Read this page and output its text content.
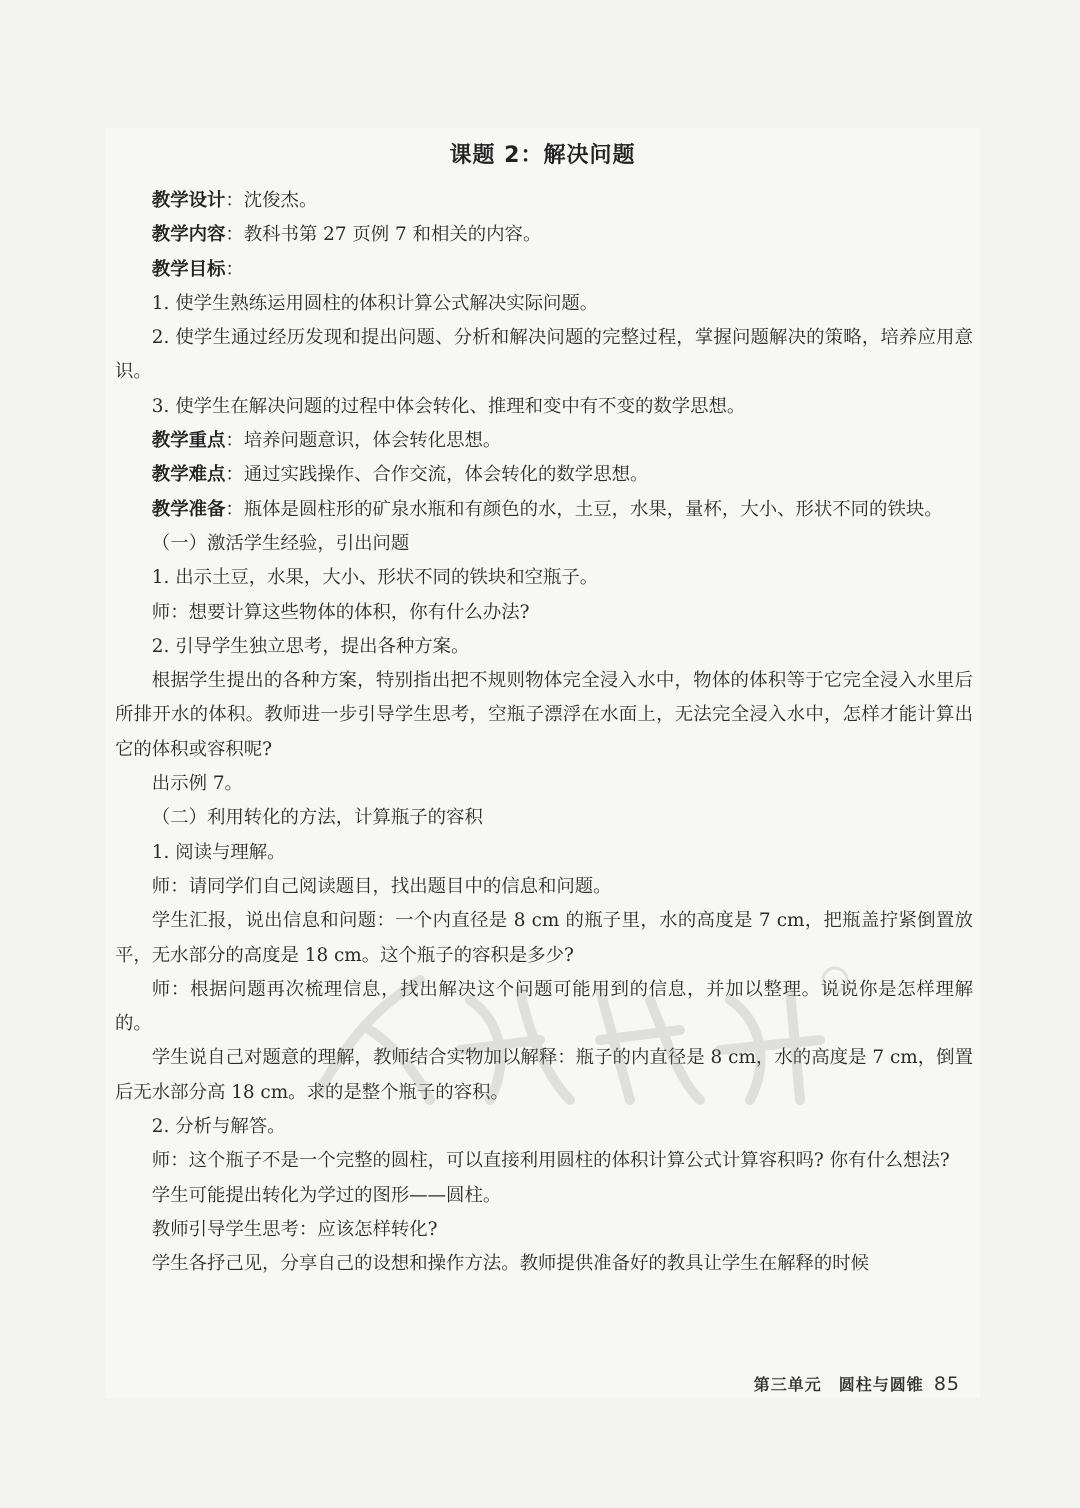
课题 2：解决问题

教学设计：沈俊杰。

教学内容：教科书第 27 页例 7 和相关的内容。

教学目标：

1. 使学生熟练运用圆柱的体积计算公式解决实际问题。

2. 使学生通过经历发现和提出问题、分析和解决问题的完整过程，掌握问题解决的策略，培养应用意识。

3. 使学生在解决问题的过程中体会转化、推理和变中有不变的数学思想。

教学重点：培养问题意识，体会转化思想。

教学难点：通过实践操作、合作交流，体会转化的数学思想。

教学准备：瓶体是圆柱形的矿泉水瓶和有颜色的水，土豆，水果，量杯，大小、形状不同的铁块。

（一）激活学生经验，引出问题

1. 出示土豆，水果，大小、形状不同的铁块和空瓶子。

师：想要计算这些物体的体积，你有什么办法?

2. 引导学生独立思考，提出各种方案。

根据学生提出的各种方案，特别指出把不规则物体完全浸入水中，物体的体积等于它完全浸入水里后所排开水的体积。教师进一步引导学生思考，空瓶子漂浮在水面上，无法完全浸入水中，怎样才能计算出它的体积或容积呢?

出示例 7。

（二）利用转化的方法，计算瓶子的容积

1. 阅读与理解。

师：请同学们自己阅读题目，找出题目中的信息和问题。

学生汇报，说出信息和问题：一个内直径是 8 cm 的瓶子里，水的高度是 7 cm，把瓶盖拧紧倒置放平，无水部分的高度是 18 cm。这个瓶子的容积是多少?

师：根据问题再次梳理信息，找出解决这个问题可能用到的信息，并加以整理。说说你是怎样理解的。

学生说自己对题意的理解，教师结合实物加以解释：瓶子的内直径是 8 cm，水的高度是 7 cm，倒置后无水部分高 18 cm。求的是整个瓶子的容积。

2. 分析与解答。

师：这个瓶子不是一个完整的圆柱，可以直接利用圆柱的体积计算公式计算容积吗? 你有什么想法?

学生可能提出转化为学过的图形——圆柱。

教师引导学生思考：应该怎样转化?

学生各抒己见，分享自己的设想和操作方法。教师提供准备好的教具让学生在解释的时候

第三单元　圆柱与圆锥 85
